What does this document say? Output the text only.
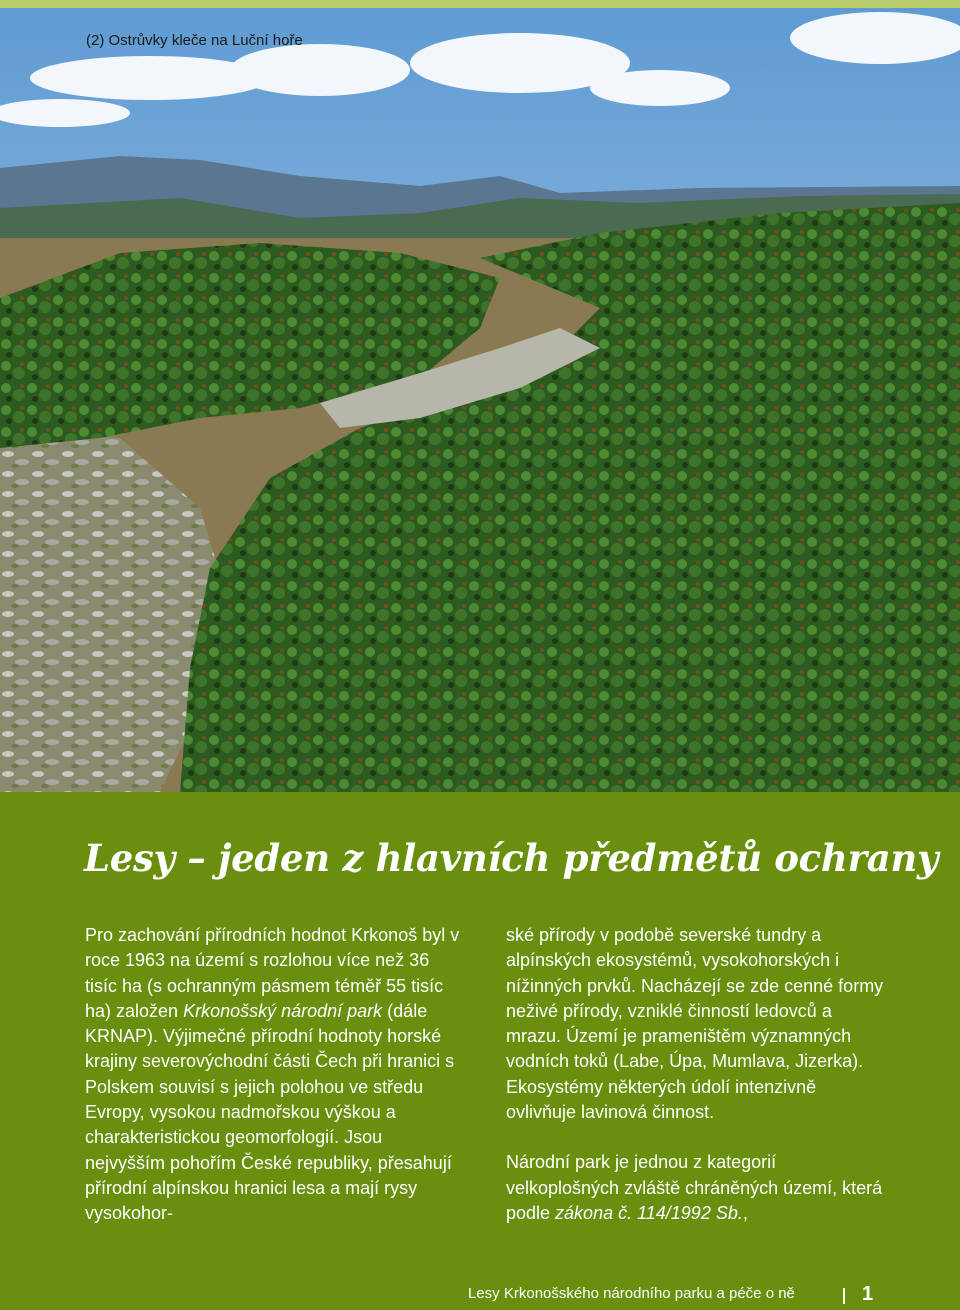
(2) Ostrůvky kleče na Luční hoře
Lesy – jeden z hlavních předmětů ochrany

Pro zachování přírodních hodnot Krkonoš byl v roce 1963 na území s rozlohou více než 36 tisíc ha (s ochranným pásmem téměř 55 tisíc ha) založen Krkonošský národní park (dále KRNAP). Výjimečné přírodní hodnoty horské krajiny severovýchodní části Čech při hranici s Polskem souvisí s jejich polohou ve středu Evropy, vysokou nadmořskou výškou a charakteristickou geomorfologií. Jsou nejvyšším pohořím České republiky, přesahují přírodní alpínskou hranici lesa a mají rysy vysokohor-

ské přírody v podobě severské tundry a alpínských ekosystémů, vysokohorských i nížinných prvků. Nacházejí se zde cenné formy neživé přírody, vzniklé činností ledovců a mrazu. Území je prameništěm významných vodních toků (Labe, Úpa, Mumlava, Jizerka). Ekosystémy některých údolí intenzivně ovlivňuje lavinová činnost.

Národní park je jednou z kategorií velkoplošných zvláště chráněných území, která podle zákona č. 114/1992 Sb.,

Lesy Krkonošského národního parku a péče o ně	1
